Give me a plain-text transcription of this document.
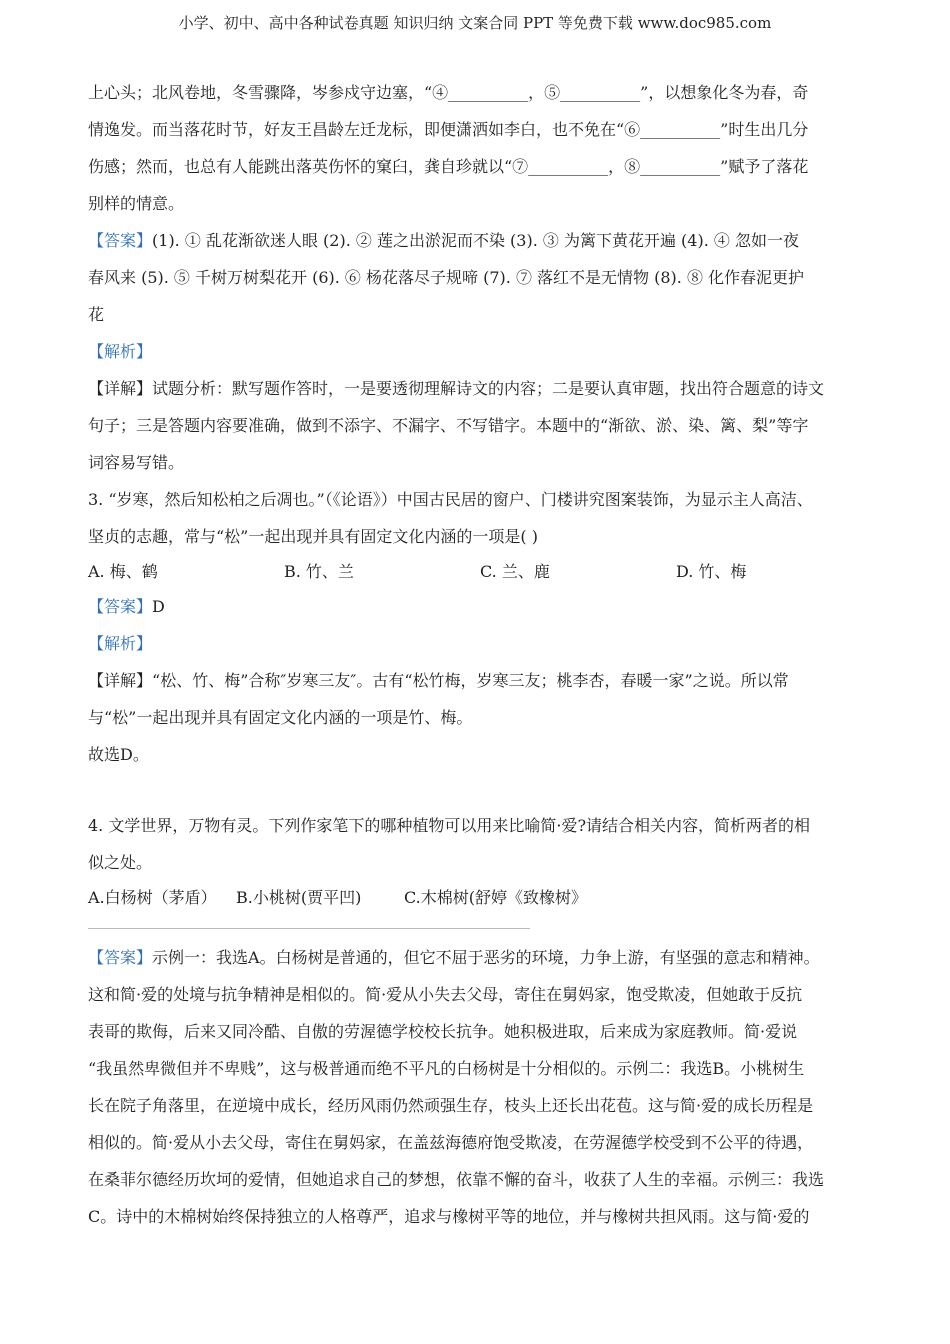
小学、初中、高中各种试卷真题 知识归纳 文案合同 PPT 等免费下载 www.doc985.com

上心头；北风卷地，冬雪骤降，岑参戍守边塞，“④__________，⑤__________”，以想象化冬为春，奇

情逸发。而当落花时节，好友王昌龄左迁龙标，即便潇洒如李白，也不免在“⑥__________”时生出几分

伤感；然而，也总有人能跳出落英伤怀的窠臼，龚自珍就以“⑦__________，⑧__________”赋予了落花

别样的情意。

【答案】(1). ① 乱花渐欲迷人眼 (2). ② 莲之出淤泥而不染 (3). ③ 为篱下黄花开遍 (4). ④ 忽如一夜

春风来 (5). ⑤ 千树万树梨花开 (6). ⑥ 杨花落尽子规啼 (7). ⑦ 落红不是无情物 (8). ⑧ 化作春泥更护

花

【解析】

【详解】试题分析：默写题作答时，一是要透彻理解诗文的内容；二是要认真审题，找出符合题意的诗文

句子；三是答题内容要准确，做到不添字、不漏字、不写错字。本题中的“渐欲、淤、染、篱、梨”等字

词容易写错。

3. “岁寒，然后知松柏之后凋也。”（《论语》）中国古民居的窗户、门楼讲究图案装饰，为显示主人高洁、

坚贞的志趣，常与“松”一起出现并具有固定文化内涵的一项是( )

A. 梅、鹤	B. 竹、兰	C. 兰、鹿	D. 竹、梅

【答案】D

【解析】

【详解】“松、竹、梅”合称″岁寒三友″。古有“松竹梅，岁寒三友；桃李杏，春暖一家”之说。所以常

与“松”一起出现并具有固定文化内涵的一项是竹、梅。

故选D。

4. 文学世界，万物有灵。下列作家笔下的哪种植物可以用来比喻简·爱?请结合相关内容，简析两者的相

似之处。

A.白杨树（茅盾）	B.小桃树(贾平凹)	C.木棉树(舒婷《致橡树》

【答案】示例一：我选A。白杨树是普通的，但它不屈于恶劣的环境，力争上游，有坚强的意志和精神。

这和简·爱的处境与抗争精神是相似的。简·爱从小失去父母，寄住在舅妈家，饱受欺凌，但她敢于反抗

表哥的欺侮，后来又同冷酷、自傲的劳渥德学校校长抗争。她积极进取，后来成为家庭教师。简·爱说

“我虽然卑微但并不卑贱”，这与极普通而绝不平凡的白杨树是十分相似的。示例二：我选B。小桃树生

长在院子角落里，在逆境中成长，经历风雨仍然顽强生存，枝头上还长出花苞。这与简·爱的成长历程是

相似的。简·爱从小去父母，寄住在舅妈家，在盖兹海德府饱受欺凌，在劳渥德学校受到不公平的待遇，

在桑菲尔德经历坎坷的爱情，但她追求自己的梦想，依靠不懈的奋斗，收获了人生的幸福。示例三：我选

C。诗中的木棉树始终保持独立的人格尊严，追求与橡树平等的地位，并与橡树共担风雨。这与简·爱的
